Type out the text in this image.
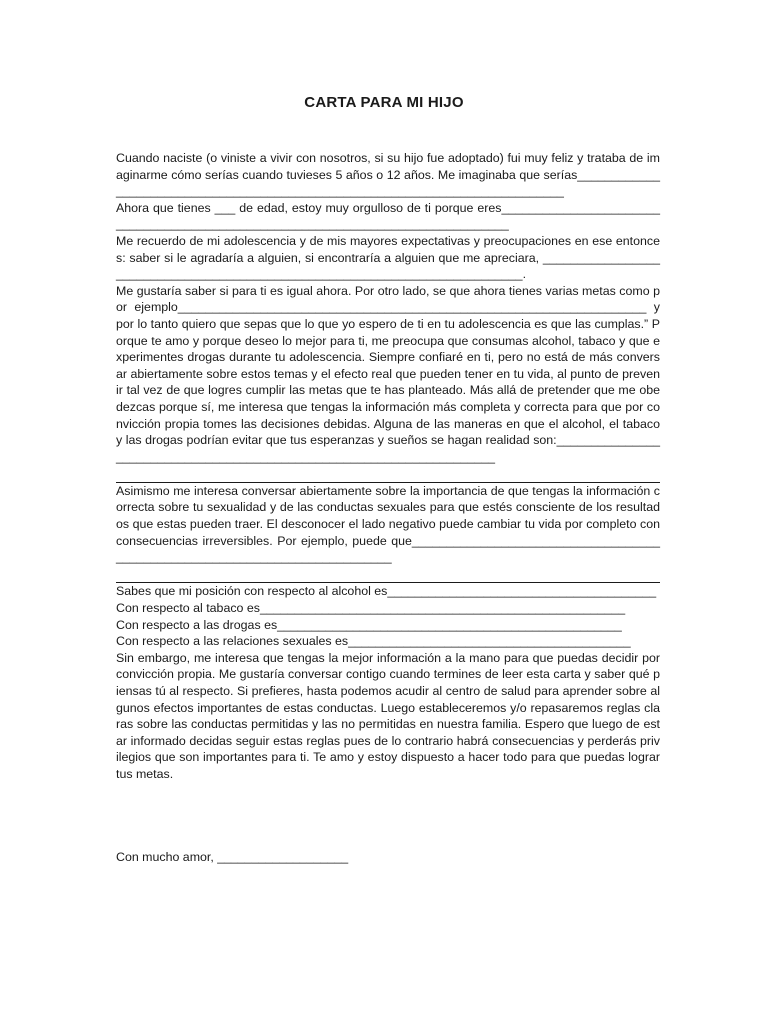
CARTA PARA MI HIJO

Cuando naciste (o viniste a vivir con nosotros, si su hijo fue adoptado) fui muy feliz y trataba de imaginarme cómo serías cuando tuvieses 5 años o 12 años. Me imaginaba que serías_____________________________________________________________________________

Ahora que tienes ___ de edad, estoy muy orgulloso de ti porque eres________________________________________________________________________________

Me recuerdo de mi adolescencia y de mis mayores expectativas y preocupaciones en ese entonces: saber si le agradaría a alguien, si encontraría a alguien que me apreciara, ____________________________________________________________________________.

Me gustaría saber si para ti es igual ahora. Por otro lado, se que ahora tienes varias metas como por ejemplo____________________________________________________________________ y por lo tanto quiero que sepas que lo que yo espero de ti en tu adolescencia es que las cumplas.” Porque te amo y porque deseo lo mejor para ti, me preocupa que consumas alcohol, tabaco y que experimentes drogas durante tu adolescencia. Siempre confiaré en ti, pero no está de más conversar abiertamente sobre estos temas y el efecto real que pueden tener en tu vida, al punto de prevenir tal vez de que logres cumplir las metas que te has planteado. Más allá de pretender que me obedezcas porque sí, me interesa que tengas la información más completa y correcta para que por convicción propia tomes las decisiones debidas. Alguna de las maneras en que el alcohol, el tabaco y las drogas podrían evitar que tus esperanzas y sueños se hagan realidad son:______________________________________________________________________

Asimismo me interesa conversar abiertamente sobre la importancia de que tengas la información correcta sobre tu sexualidad y de las conductas sexuales para que estés consciente de los resultados que estas pueden traer. El desconocer el lado negativo puede cambiar tu vida por completo con consecuencias irreversibles. Por ejemplo, puede que____________________________________________________________________________

Sabes que mi posición con respecto al alcohol es_______________________________________

Con respecto al tabaco es_____________________________________________________

Con respecto a las drogas es__________________________________________________

Con respecto a las relaciones sexuales es_________________________________________

Sin embargo, me interesa que tengas la mejor información a la mano para que puedas decidir por convicción propia. Me gustaría conversar contigo cuando termines de leer esta carta y saber qué piensas tú al respecto. Si prefieres, hasta podemos acudir al centro de salud para aprender sobre algunos efectos importantes de estas conductas. Luego estableceremos y/o repasaremos reglas claras sobre las conductas permitidas y las no permitidas en nuestra familia. Espero que luego de estar informado decidas seguir estas reglas pues de lo contrario habrá consecuencias y perderás privilegios que son importantes para ti. Te amo y estoy dispuesto a hacer todo para que puedas lograr tus metas.

Con mucho amor, ___________________
